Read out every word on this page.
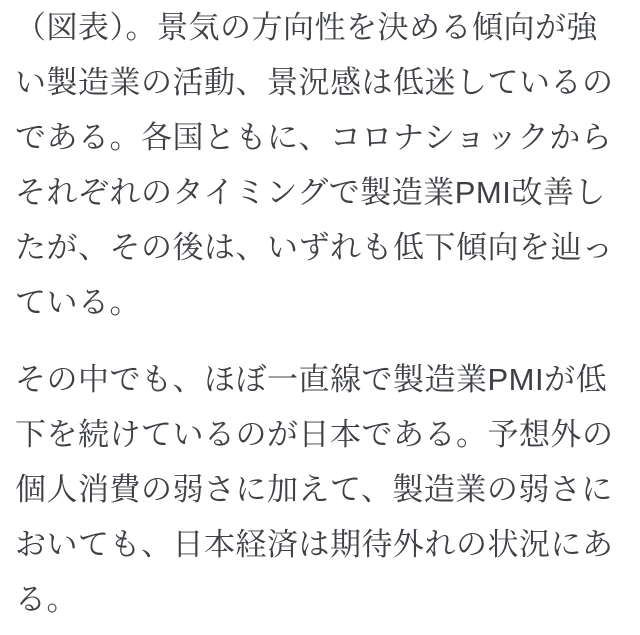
（図表）。景気の方向性を決める傾向が強
い製造業の活動、景況感は低迷しているの
である。各国ともに、コロナショックから
それぞれのタイミングで製造業PMI改善し
たが、その後は、いずれも低下傾向を辿っ
ている。
その中でも、ほぼ一直線で製造業PMIが低
下を続けているのが日本である。予想外の
個人消費の弱さに加えて、製造業の弱さに
おいても、日本経済は期待外れの状況にあ
る。
